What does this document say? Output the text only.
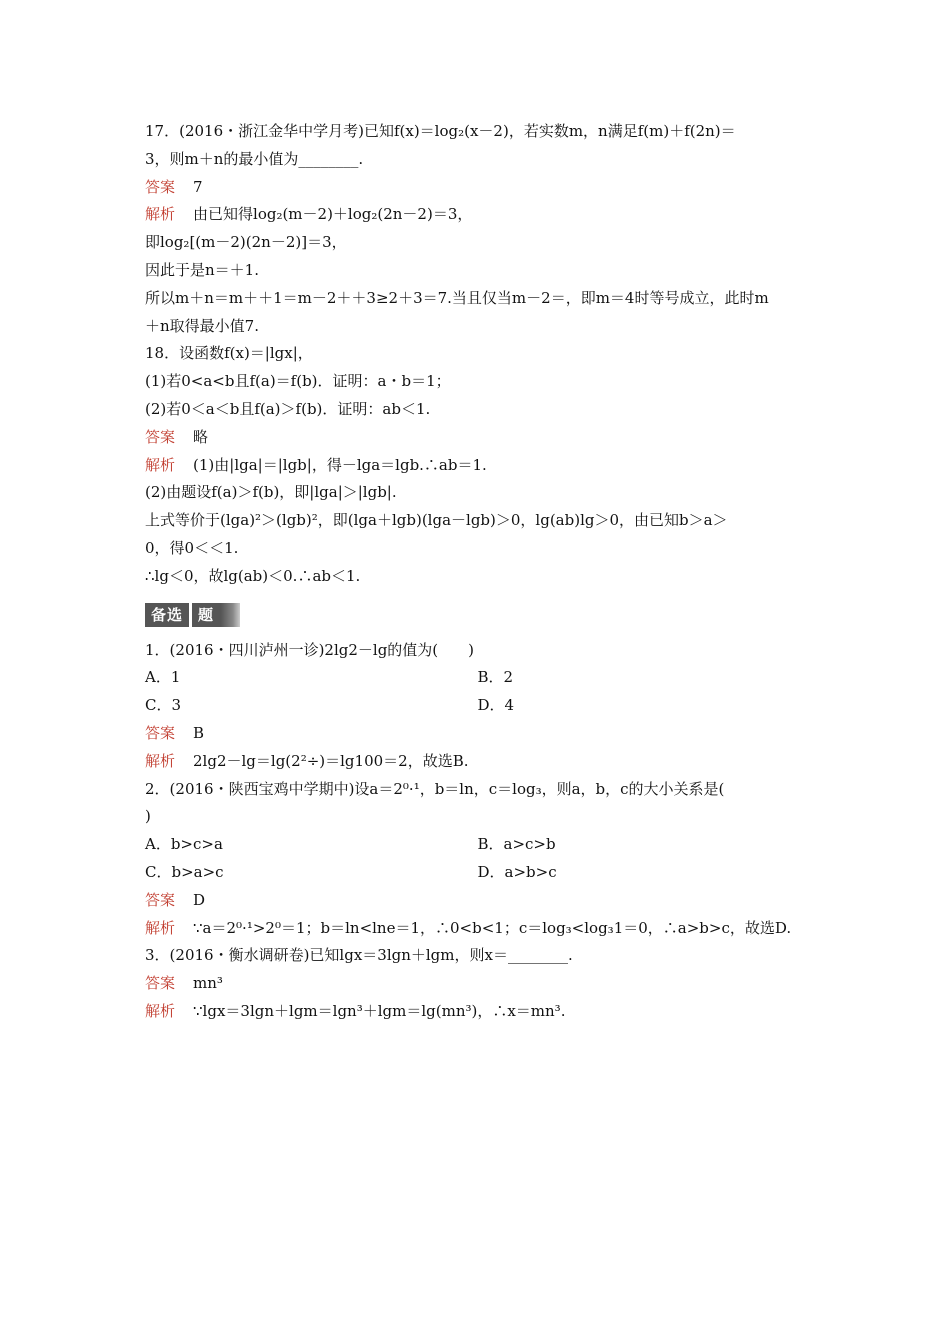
17．(2016・浙江金华中学月考)已知f(x)＝log₂(x－2)，若实数m，n满足f(m)＋f(2n)＝
3，则m＋n的最小值为________.
答案 7
解析 由已知得log₂(m－2)＋log₂(2n－2)＝3，
即log₂[(m－2)(2n－2)]＝3，
因此于是n＝＋1.
所以m＋n＝m＋＋1＝m－2＋＋3≥2＋3＝7.当且仅当m－2＝，即m＝4时等号成立，此时m
＋n取得最小值7.
18．设函数f(x)＝|lgx|，
(1)若0<a<b且f(a)＝f(b)．证明：a・b＝1；
(2)若0＜a＜b且f(a)＞f(b)．证明：ab＜1.
答案 略
解析 (1)由|lga|＝|lgb|，得－lga＝lgb.∴ab＝1.
(2)由题设f(a)＞f(b)，即|lga|＞|lgb|.
上式等价于(lga)²＞(lgb)²，即(lga＋lgb)(lga－lgb)＞0，lg(ab)lg＞0，由已知b＞a＞
0，得0＜＜1.
∴lg＜0，故lg(ab)＜0.∴ab＜1.
备选	题
1．(2016・四川泸州一诊)2lg2－lg的值为(　　)
A．1	B．2
C．3	D．4
答案 B
解析 2lg2－lg＝lg(2²÷)＝lg100＝2，故选B.
2．(2016・陕西宝鸡中学期中)设a＝2⁰·¹，b＝ln，c＝log₃，则a，b，c的大小关系是(
)
A．b>c>a	B．a>c>b
C．b>a>c	D．a>b>c
答案 D
解析 ∵a＝2⁰·¹>2⁰＝1；b＝ln<lne＝1，∴0<b<1；c＝log₃<log₃1＝0，∴a>b>c，故选D.
3．(2016・衡水调研卷)已知lgx＝3lgn＋lgm，则x＝________.
答案 mn³
解析 ∵lgx＝3lgn＋lgm＝lgn³＋lgm＝lg(mn³)，∴x＝mn³.
